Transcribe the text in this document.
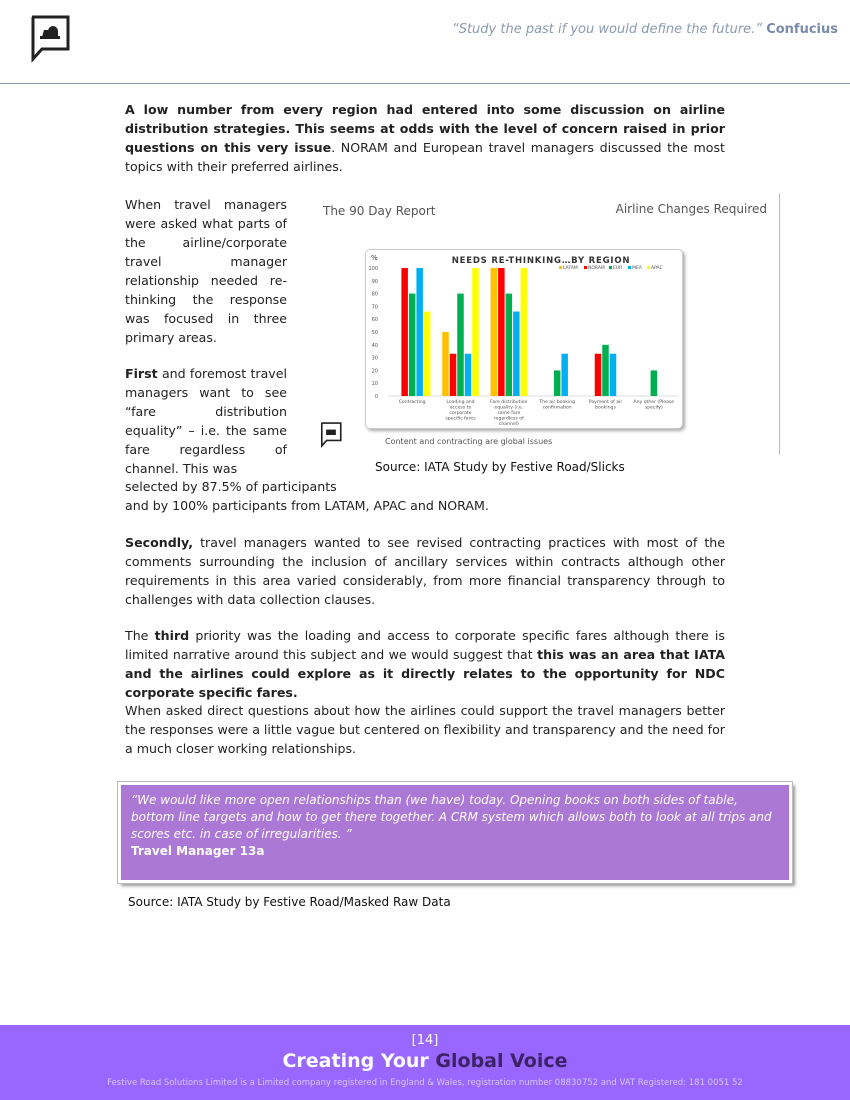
“Study the past if you would define the future.” Confucius
A low number from every region had entered into some discussion on airline distribution strategies. This seems at odds with the level of concern raised in prior questions on this very issue. NORAM and European travel managers discussed the most topics with their preferred airlines.
When travel managers were asked what parts of the airline/corporate travel manager relationship needed re-thinking the response was focused in three primary areas.
First and foremost travel managers want to see “fare distribution equality” – i.e. the same fare regardless of channel. This was
selected by 87.5% of participants
and by 100% participants from LATAM, APAC and NORAM.
The 90 Day Report	Airline Changes Required
%	NEEDS RE-THINKING…BY REGION
0
10
20
30
40
50
60
70
80
90
100	LATAM NORAM EUR MEA APAC
Contracting	Loading and access to corporate specific fares
Fare distribution equality (i.e. same fare regardless of channel)
The air booking confirmation
Payment of air bookings
Any other (Please specify)
Content and contracting are global issues
Source: IATA Study by Festive Road/Slicks
Secondly, travel managers wanted to see revised contracting practices with most of the comments surrounding the inclusion of ancillary services within contracts although other requirements in this area varied considerably, from more financial transparency through to challenges with data collection clauses.
The third priority was the loading and access to corporate specific fares although there is limited narrative around this subject and we would suggest that this was an area that IATA and the airlines could explore as it directly relates to the opportunity for NDC corporate specific fares.
When asked direct questions about how the airlines could support the travel managers better the responses were a little vague but centered on flexibility and transparency and the need for a much closer working relationships.
“We would like more open relationships than (we have) today. Opening books on both sides of table, bottom line targets and how to get there together. A CRM system which allows both to look at all trips and scores etc. in case of irregularities. ”
Travel Manager 13a
Source: IATA Study by Festive Road/Masked Raw Data
[14]
Creating Your Global Voice
Festive Road Solutions Limited is a Limited company registered in England & Wales, registration number 08830752 and VAT Registered: 181 0051 52
